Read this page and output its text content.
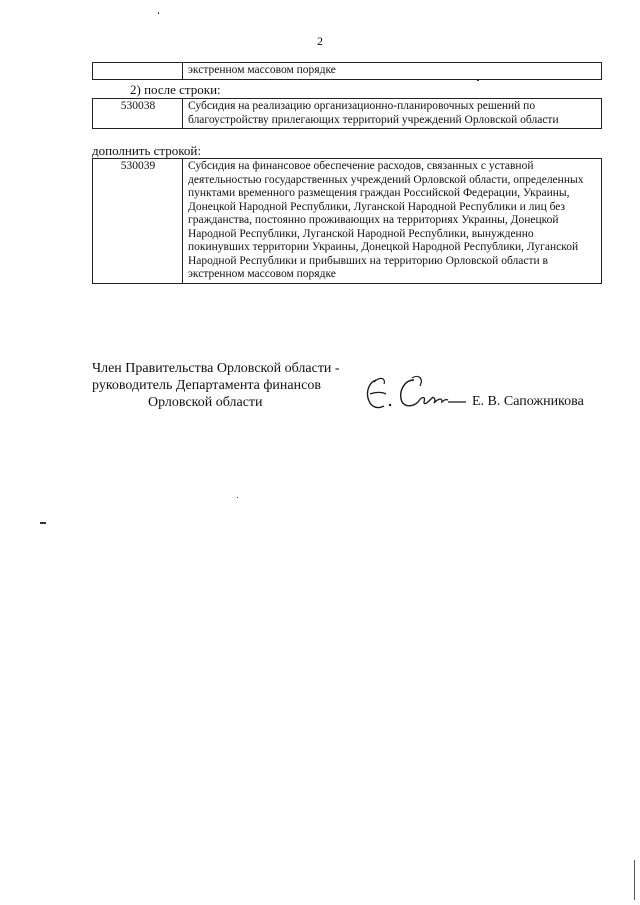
2
	экстренном массовом порядке
2) после строки:
530038	Субсидия на реализацию организационно-планировочных решений по благоустройству прилегающих территорий учреждений Орловской области
дополнить строкой:
530039	Субсидия на финансовое обеспечение расходов, связанных с уставной деятельностью государственных учреждений Орловской области, определенных пунктами временного размещения граждан Российской Федерации, Украины, Донецкой Народной Республики, Луганской Народной Республики и лиц без гражданства, постоянно проживающих на территориях Украины, Донецкой Народной Республики, Луганской Народной Республики, вынужденно покинувших территории Украины, Донецкой Народной Республики, Луганской Народной Республики и прибывших на территорию Орловской области в экстренном массовом порядке
Член Правительства Орловской области -
руководитель Департамента финансов
Орловской области	Е. В. Сапожникова
